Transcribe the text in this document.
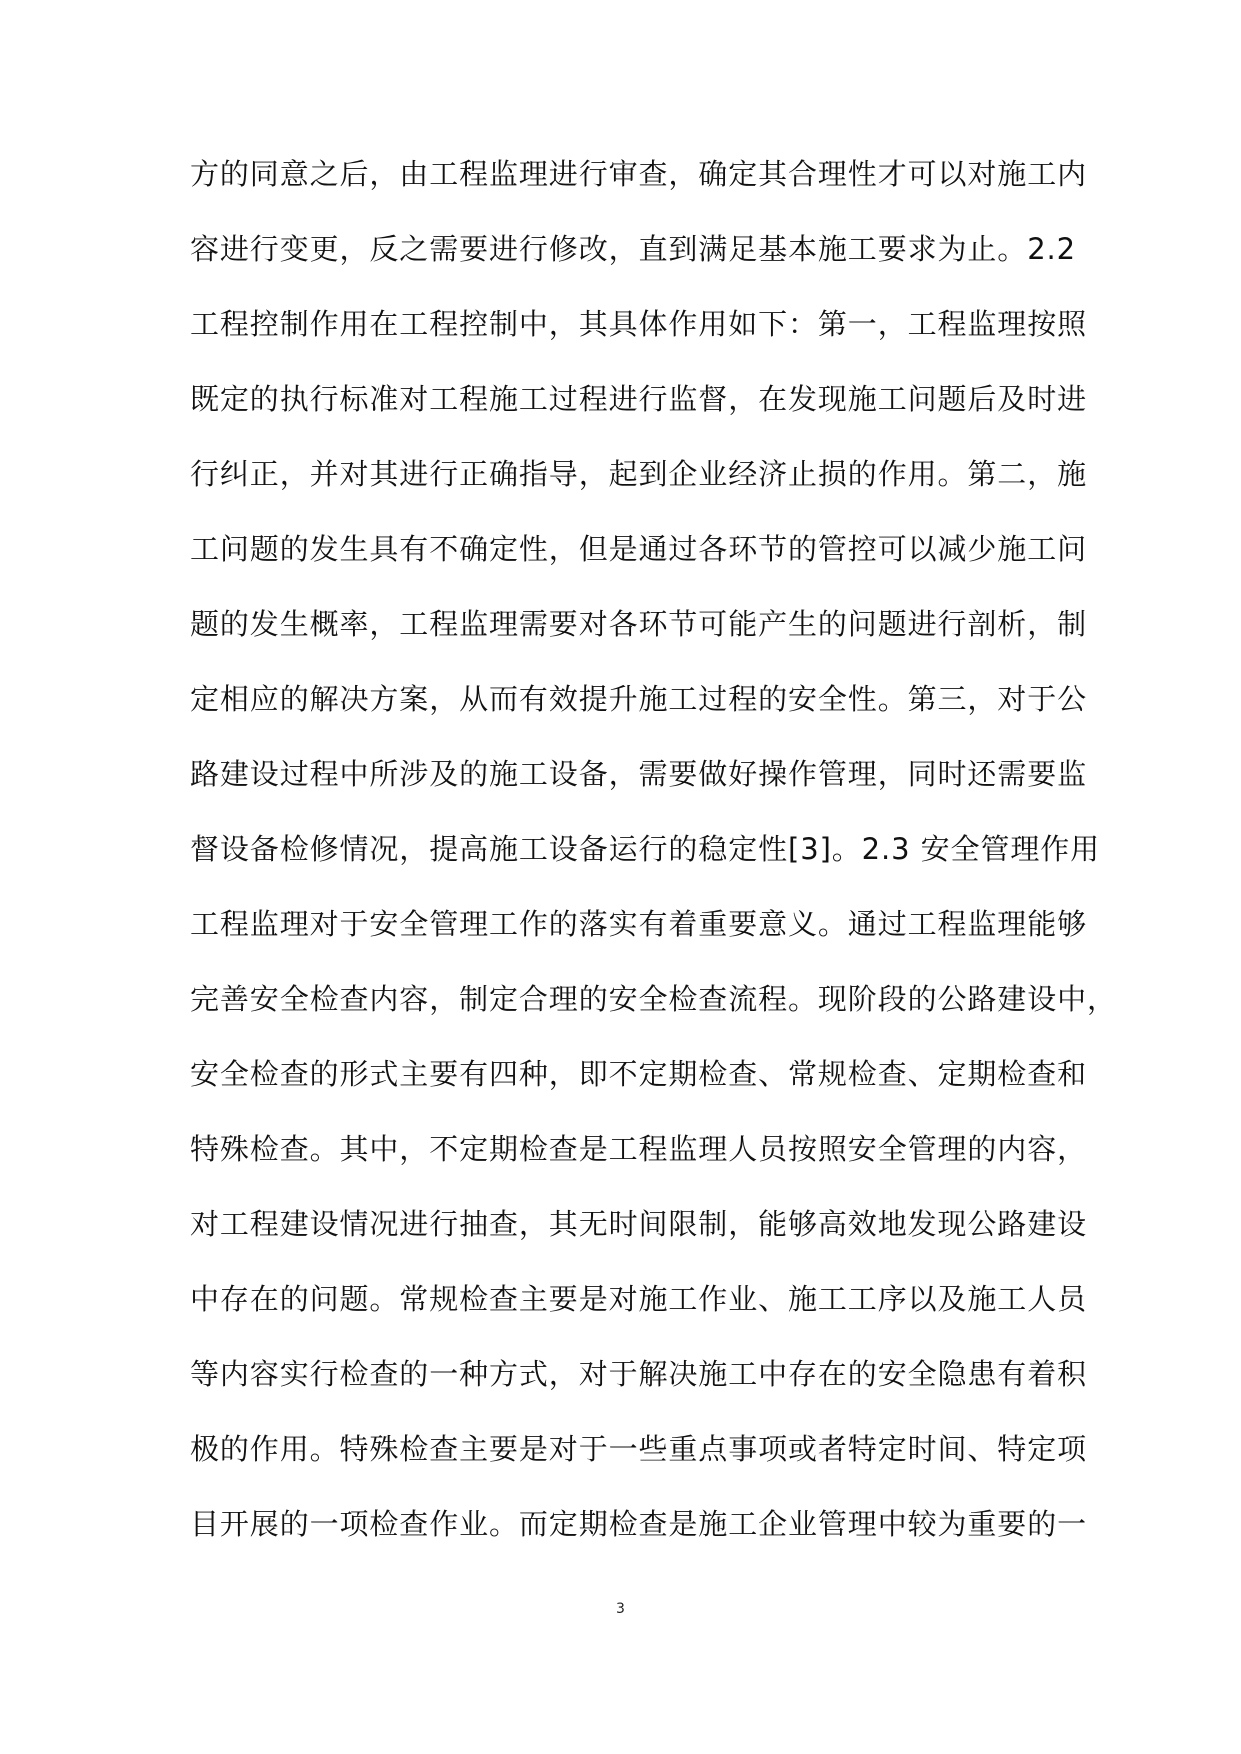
方的同意之后，由工程监理进行审查，确定其合理性才可以对施工内
容进行变更，反之需要进行修改，直到满足基本施工要求为止。2.2
工程控制作用在工程控制中，其具体作用如下：第一，工程监理按照
既定的执行标准对工程施工过程进行监督，在发现施工问题后及时进
行纠正，并对其进行正确指导，起到企业经济止损的作用。第二，施
工问题的发生具有不确定性，但是通过各环节的管控可以减少施工问
题的发生概率，工程监理需要对各环节可能产生的问题进行剖析，制
定相应的解决方案，从而有效提升施工过程的安全性。第三，对于公
路建设过程中所涉及的施工设备，需要做好操作管理，同时还需要监
督设备检修情况，提高施工设备运行的稳定性[3]。2.3 安全管理作用
工程监理对于安全管理工作的落实有着重要意义。通过工程监理能够
完善安全检查内容，制定合理的安全检查流程。现阶段的公路建设中，
安全检查的形式主要有四种，即不定期检查、常规检查、定期检查和
特殊检查。其中，不定期检查是工程监理人员按照安全管理的内容，
对工程建设情况进行抽查，其无时间限制，能够高效地发现公路建设
中存在的问题。常规检查主要是对施工作业、施工工序以及施工人员
等内容实行检查的一种方式，对于解决施工中存在的安全隐患有着积
极的作用。特殊检查主要是对于一些重点事项或者特定时间、特定项
目开展的一项检查作业。而定期检查是施工企业管理中较为重要的一
3
